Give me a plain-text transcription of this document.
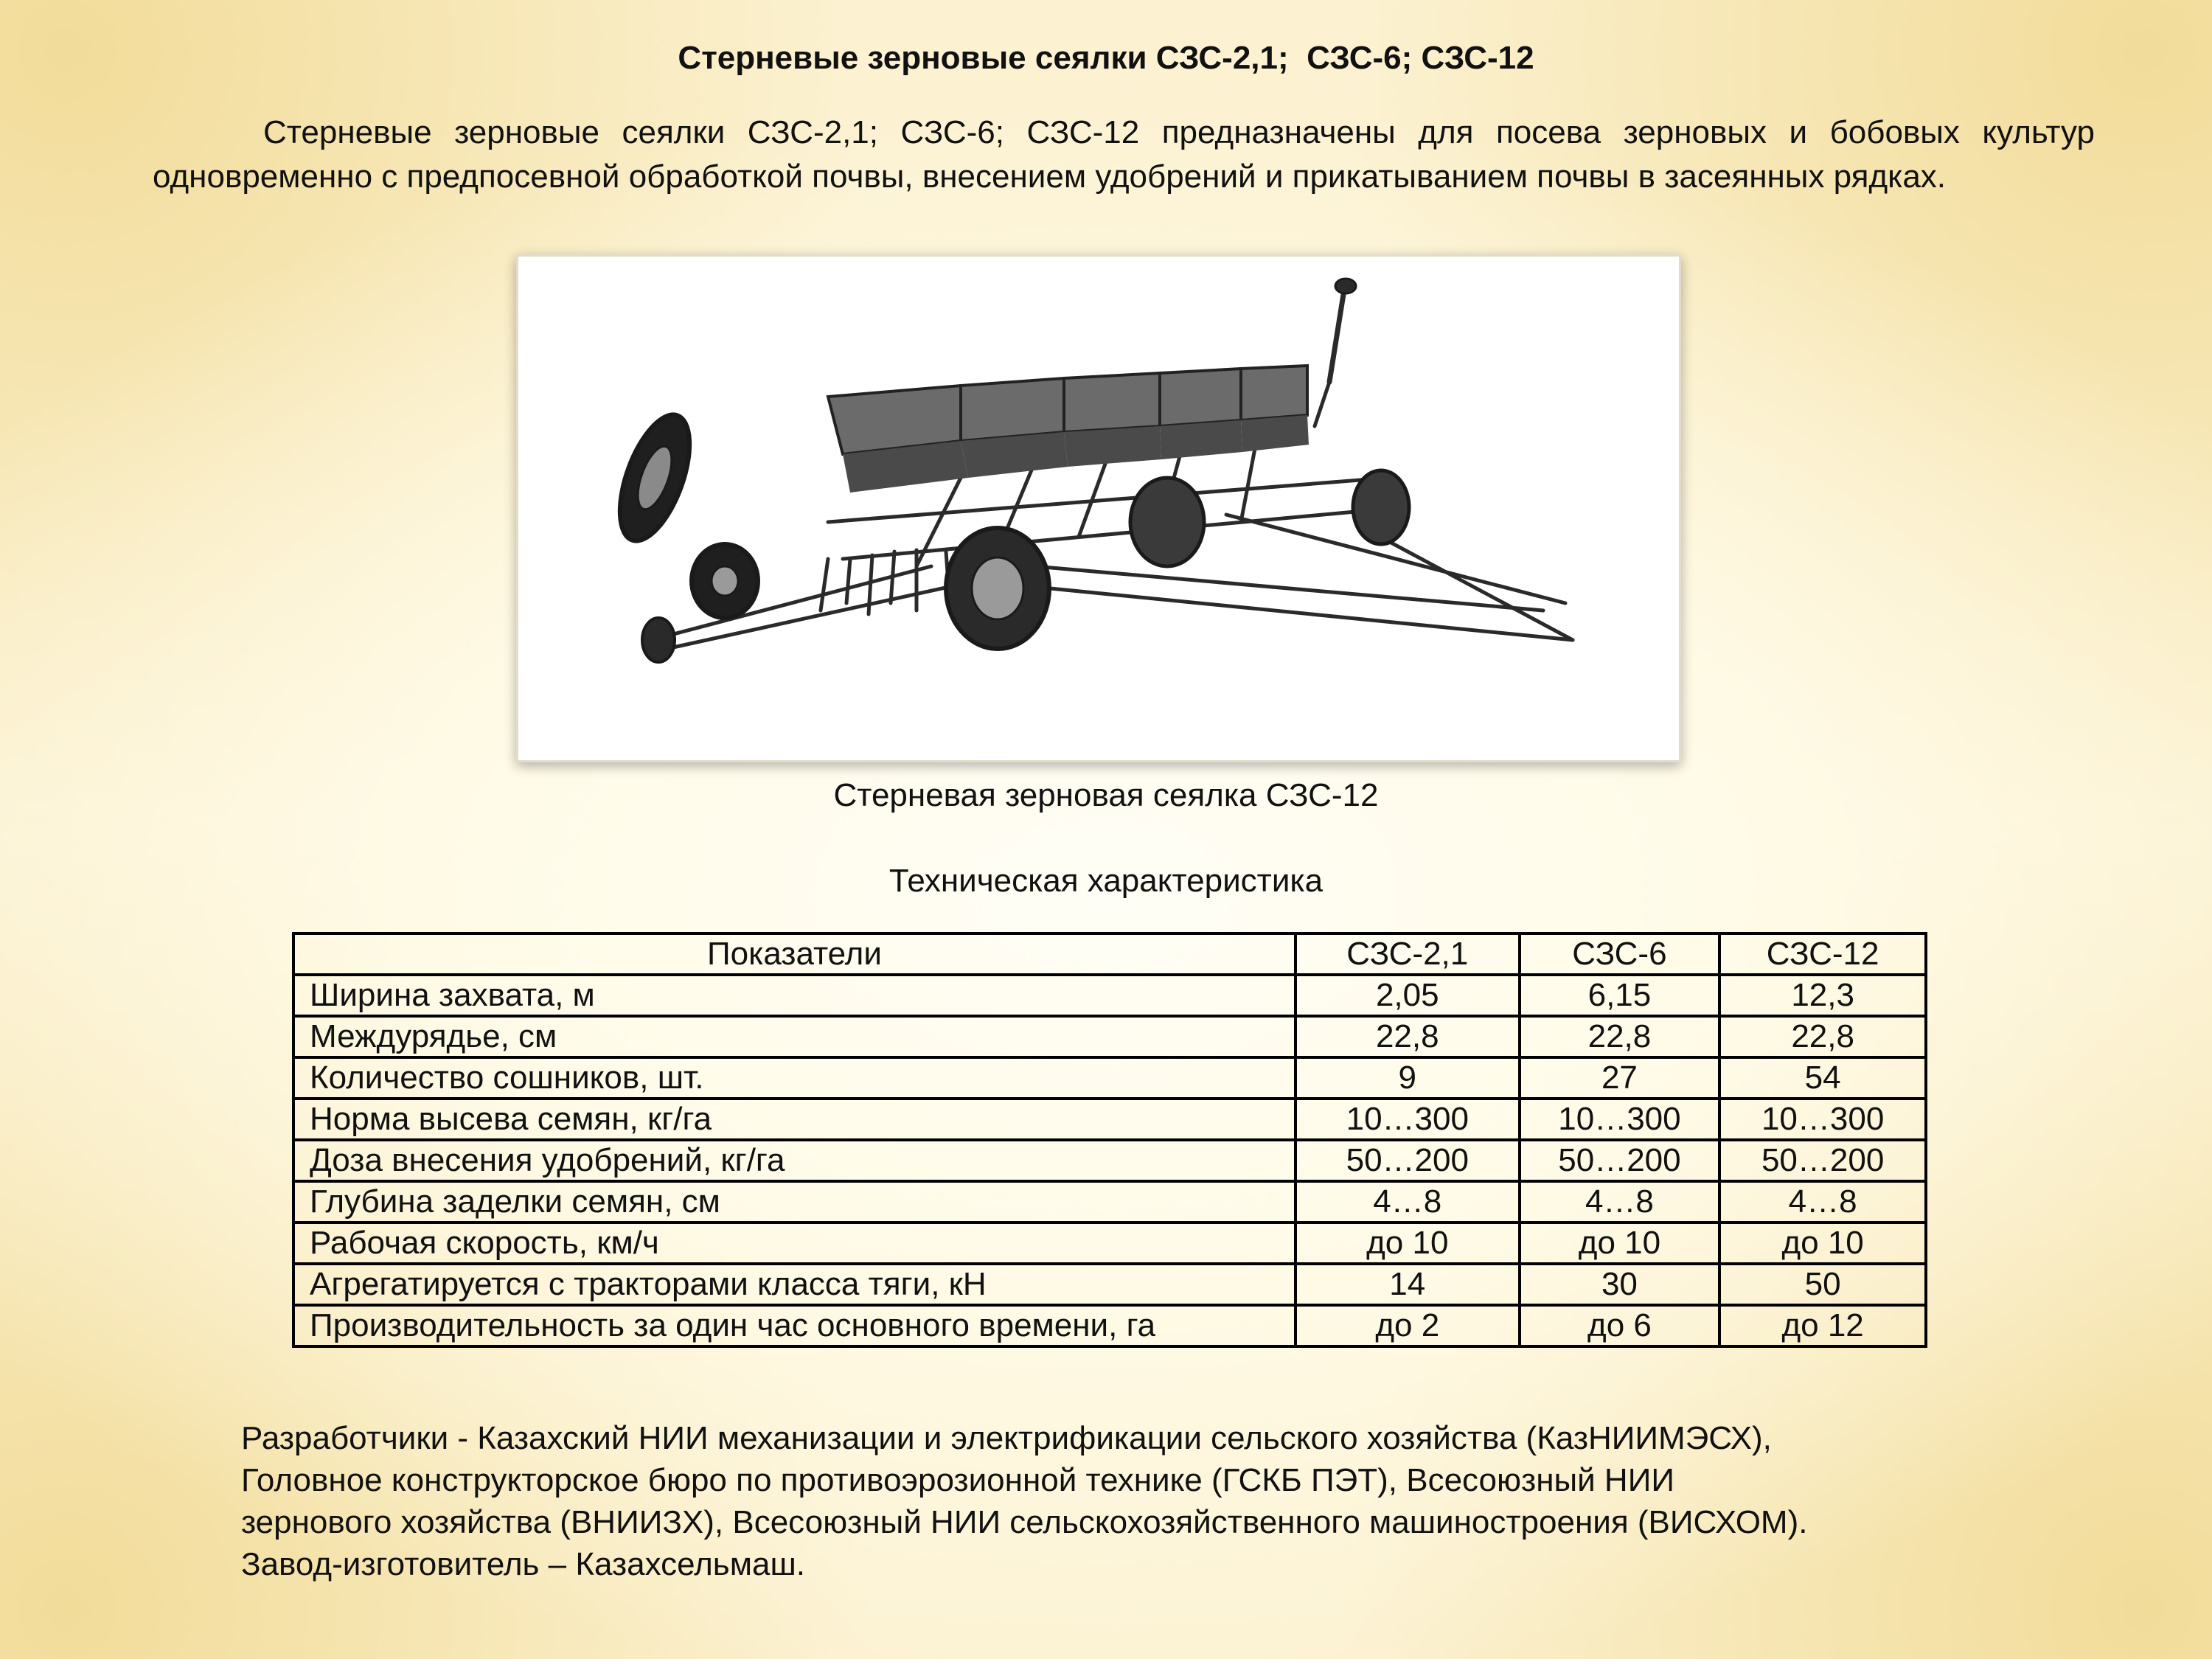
Стерневые зерновые сеялки СЗС-2,1;  СЗС-6; СЗС-12
Стерневые зерновые сеялки СЗС-2,1; СЗС-6; СЗС-12 предназначены для посева зерновых и бобовых культур одновременно с предпосевной обработкой почвы, внесением удобрений и прикатыванием почвы в засеянных рядках.
Стерневая зерновая сеялка СЗС-12
Техническая характеристика
Показатели	СЗС-2,1	СЗС-6	СЗС-12
Ширина захвата, м	2,05	6,15	12,3
Междурядье, см	22,8	22,8	22,8
Количество сошников, шт.	9	27	54
Норма высева семян, кг/га	10…300	10…300	10…300
Доза внесения удобрений, кг/га	50…200	50…200	50…200
Глубина заделки семян, см	4…8	4…8	4…8
Рабочая скорость, км/ч	до 10	до 10	до 10
Агрегатируется с тракторами класса тяги, кН	14	30	50
Производительность за один час основного времени, га	до 2	до 6	до 12
Разработчики - Казахский НИИ механизации и электрификации сельского хозяйства (КазНИИМЭСХ),
Головное конструкторское бюро по противоэрозионной технике (ГСКБ ПЭТ), Всесоюзный НИИ
зернового хозяйства (ВНИИЗХ), Всесоюзный НИИ сельскохозяйственного машиностроения (ВИСХОМ).
Завод-изготовитель – Казахсельмаш.
